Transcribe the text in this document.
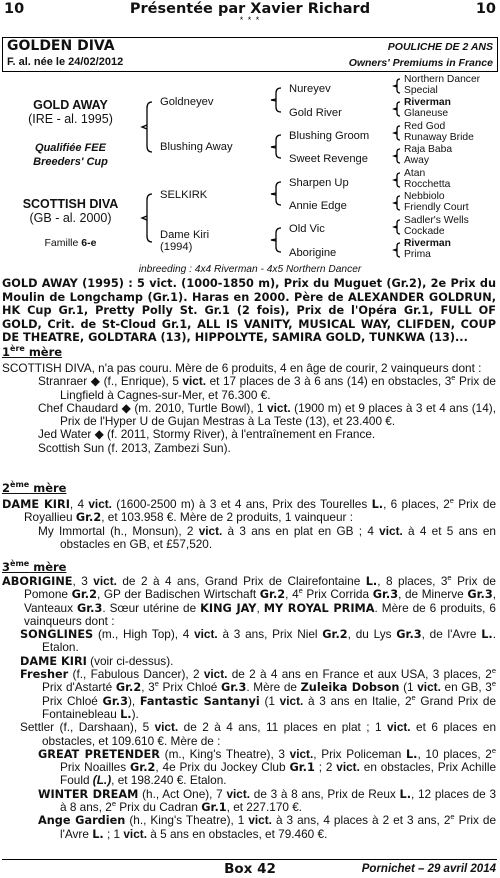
10	Présentée par Xavier Richard	10
* * *
GOLDEN DIVA	POULICHE DE 2 ANS
F. al. née le 24/02/2012	Owners' Premiums in France
GOLD AWAY
(IRE - al. 1995)
Qualifiée FEE
Breeders' Cup
SCOTTISH DIVA
(GB - al. 2000)
Famille 6-e
Goldneyev
Blushing Away
SELKIRK
Dame Kiri
(1994)
Nureyev
Gold River
Blushing Groom
Sweet Revenge
Sharpen Up
Annie Edge
Old Vic
Aborigine
Northern Dancer
Special
Riverman
Glaneuse
Red God
Runaway Bride
Raja Baba
Away
Atan
Rocchetta
Nebbiolo
Friendly Court
Sadler's Wells
Cockade
Riverman
Prima
inbreeding : 4x4 Riverman - 4x5 Northern Dancer
GOLD AWAY (1995) : 5 vict. (1000-1850 m), Prix du Muguet (Gr.2), 2e Prix du Moulin de Longchamp (Gr.1). Haras en 2000. Père de ALEXANDER GOLDRUN, HK Cup Gr.1, Pretty Polly St. Gr.1 (2 fois), Prix de l'Opéra Gr.1, FULL OF GOLD, Crit. de St-Cloud Gr.1, ALL IS VANITY, MUSICAL WAY, CLIFDEN, COUP DE THEATRE, GOLDTARA (13), HIPPOLYTE, SAMIRA GOLD, TUNKWA (13)...
1ère mère
SCOTTISH DIVA, n'a pas couru. Mère de 6 produits, 4 en âge de courir, 2 vainqueurs dont :
Stranraer ◆ (f., Enrique), 5 vict. et 17 places de 3 à 6 ans (14) en obstacles, 3e Prix de Lingfield à Cagnes-sur-Mer, et 76.300 €.
Chef Chaudard ◆ (m. 2010, Turtle Bowl), 1 vict. (1900 m) et 9 places à 3 et 4 ans (14), Prix de l'Hyper U de Gujan Mestras à La Teste (13), et 23.400 €.
Jed Water ◆ (f. 2011, Stormy River), à l'entraînement en France.
Scottish Sun (f. 2013, Zambezi Sun).
2ème mère
DAME KIRI, 4 vict. (1600-2500 m) à 3 et 4 ans, Prix des Tourelles L., 6 places, 2e Prix de Royallieu Gr.2, et 103.958 €. Mère de 2 produits, 1 vainqueur :
My Immortal (h., Monsun), 2 vict. à 3 ans en plat en GB ; 4 vict. à 4 et 5 ans en obstacles en GB, et £57,520.
3ème mère
ABORIGINE, 3 vict. de 2 à 4 ans, Grand Prix de Clairefontaine L., 8 places, 3e Prix de Pomone Gr.2, GP der Badischen Wirtschaft Gr.2, 4e Prix Corrida Gr.3, de Minerve Gr.3, Vanteaux Gr.3. Sœur utérine de KING JAY, MY ROYAL PRIMA. Mère de 6 produits, 6 vainqueurs dont :
SONGLINES (m., High Top), 4 vict. à 3 ans, Prix Niel Gr.2, du Lys Gr.3, de l'Avre L.. Etalon.
DAME KIRI (voir ci-dessus).
Fresher (f., Fabulous Dancer), 2 vict. de 2 à 4 ans en France et aux USA, 3 places, 2e Prix d'Astarté Gr.2, 3e Prix Chloé Gr.3. Mère de Zuleika Dobson (1 vict. en GB, 3e Prix Chloé Gr.3), Fantastic Santanyi (1 vict. à 3 ans en Italie, 2e Grand Prix de Fontainebleau L.).
Settler (f., Darshaan), 5 vict. de 2 à 4 ans, 11 places en plat ; 1 vict. et 6 places en obstacles, et 109.610 €. Mère de :
GREAT PRETENDER (m., King's Theatre), 3 vict., Prix Policeman L., 10 places, 2e Prix Noailles Gr.2, 4e Prix du Jockey Club Gr.1 ; 2 vict. en obstacles, Prix Achille Fould (L.), et 198.240 €. Etalon.
WINTER DREAM (h., Act One), 7 vict. de 3 à 8 ans, Prix de Reux L., 12 places de 3 à 8 ans, 2e Prix du Cadran Gr.1, et 227.170 €.
Ange Gardien (h., King's Theatre), 1 vict. à 3 ans, 4 places à 2 et 3 ans, 2e Prix de l'Avre L. ; 1 vict. à 5 ans en obstacles, et 79.460 €.
Box 42	Pornichet – 29 avril 2014
